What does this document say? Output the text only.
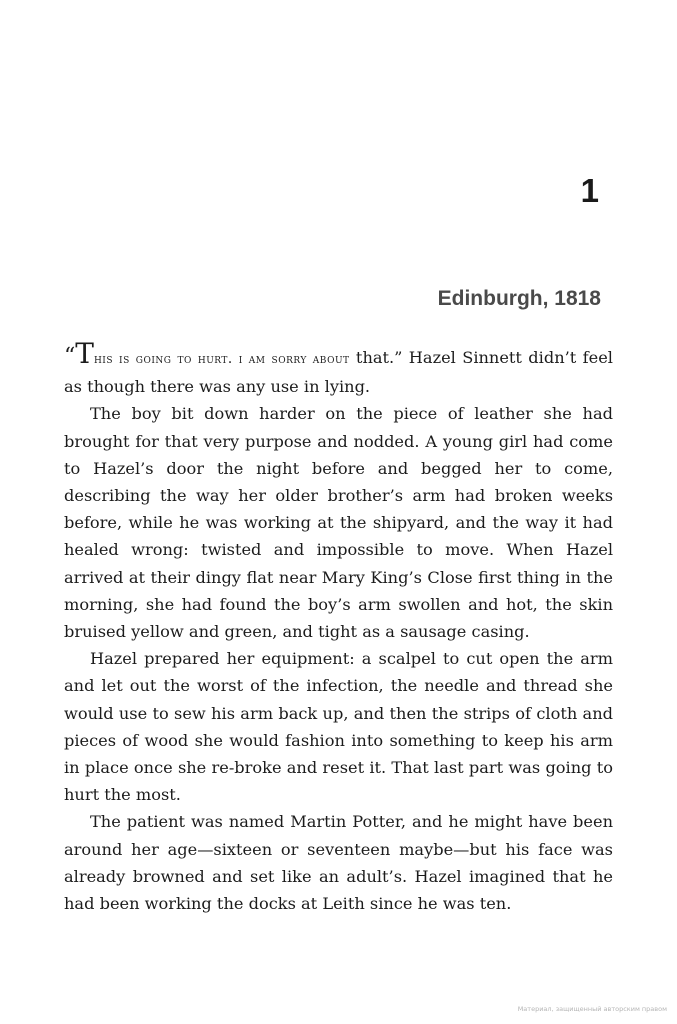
1
Edinburgh, 1818

“This is going to hurt. i am sorry about that.” Hazel Sinnett didn’t feel as though there was any use in lying.

The boy bit down harder on the piece of leather she had brought for that very purpose and nodded. A young girl had come to Hazel’s door the night before and begged her to come, describing the way her older brother’s arm had broken weeks before, while he was working at the shipyard, and the way it had healed wrong: twisted and impossible to move. When Hazel arrived at their dingy flat near Mary King’s Close first thing in the morning, she had found the boy’s arm swollen and hot, the skin bruised yellow and green, and tight as a sausage casing.

Hazel prepared her equipment: a scalpel to cut open the arm and let out the worst of the infection, the needle and thread she would use to sew his arm back up, and then the strips of cloth and pieces of wood she would fashion into something to keep his arm in place once she re-broke and reset it. That last part was going to hurt the most.

The patient was named Martin Potter, and he might have been around her age—sixteen or seventeen maybe—but his face was already browned and set like an adult’s. Hazel imagined that he had been working the docks at Leith since he was ten.

Материал, защищенный авторским правом
